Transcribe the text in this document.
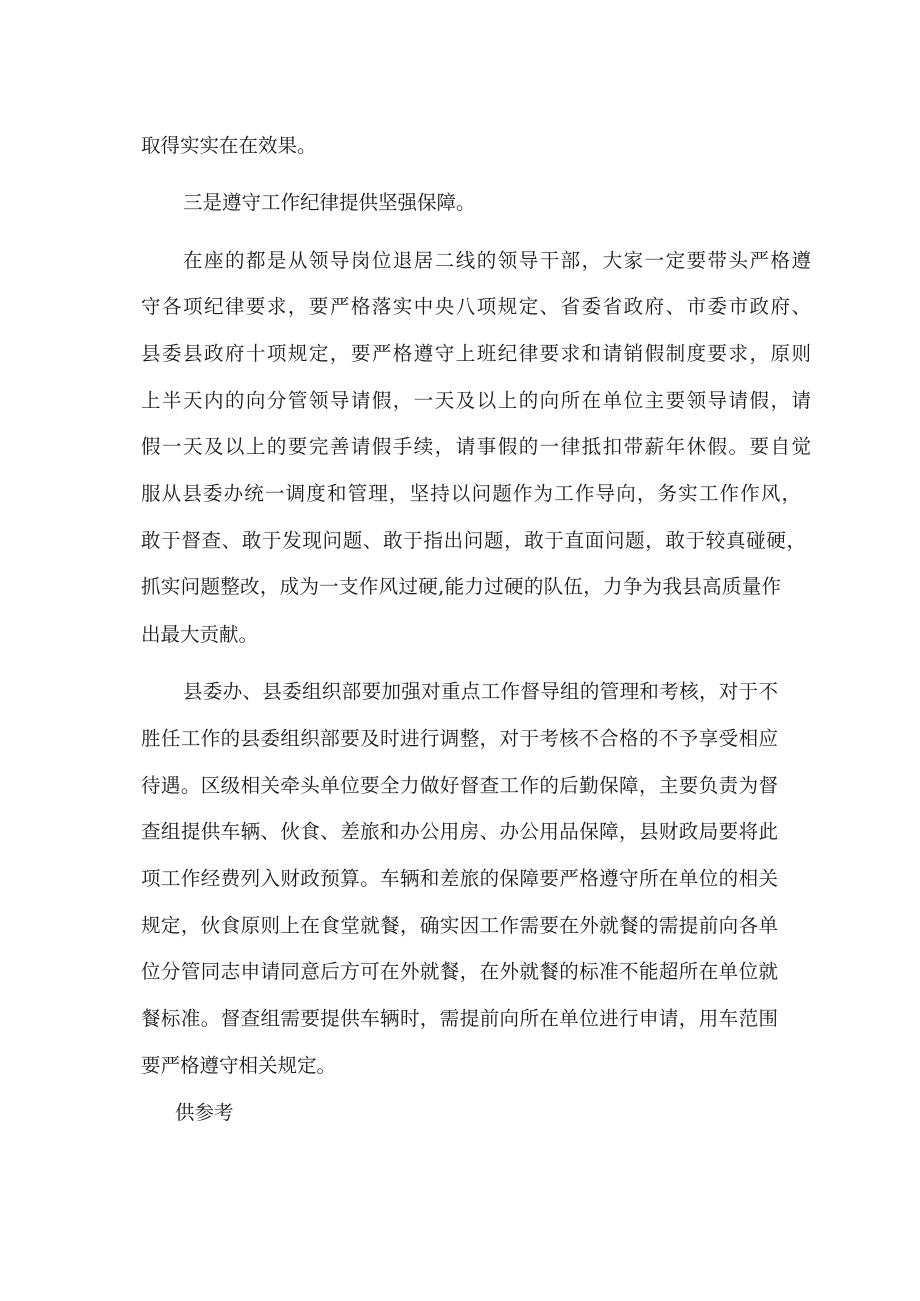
取得实实在在效果。
三是遵守工作纪律提供坚强保障。
在座的都是从领导岗位退居二线的领导干部，大家一定要带头严格遵
守各项纪律要求，要严格落实中央八项规定、省委省政府、市委市政府、
县委县政府十项规定，要严格遵守上班纪律要求和请销假制度要求，原则
上半天内的向分管领导请假，一天及以上的向所在单位主要领导请假，请
假一天及以上的要完善请假手续，请事假的一律抵扣带薪年休假。要自觉
服从县委办统一调度和管理，坚持以问题作为工作导向，务实工作作风，
敢于督查、敢于发现问题、敢于指出问题，敢于直面问题，敢于较真碰硬，
抓实问题整改，成为一支作风过硬,能力过硬的队伍，力争为我县高质量作
出最大贡献。
县委办、县委组织部要加强对重点工作督导组的管理和考核，对于不
胜任工作的县委组织部要及时进行调整，对于考核不合格的不予享受相应
待遇。区级相关牵头单位要全力做好督查工作的后勤保障，主要负责为督
查组提供车辆、伙食、差旅和办公用房、办公用品保障，县财政局要将此
项工作经费列入财政预算。车辆和差旅的保障要严格遵守所在单位的相关
规定，伙食原则上在食堂就餐，确实因工作需要在外就餐的需提前向各单
位分管同志申请同意后方可在外就餐，在外就餐的标准不能超所在单位就
餐标准。督查组需要提供车辆时，需提前向所在单位进行申请，用车范围
要严格遵守相关规定。
供参考
